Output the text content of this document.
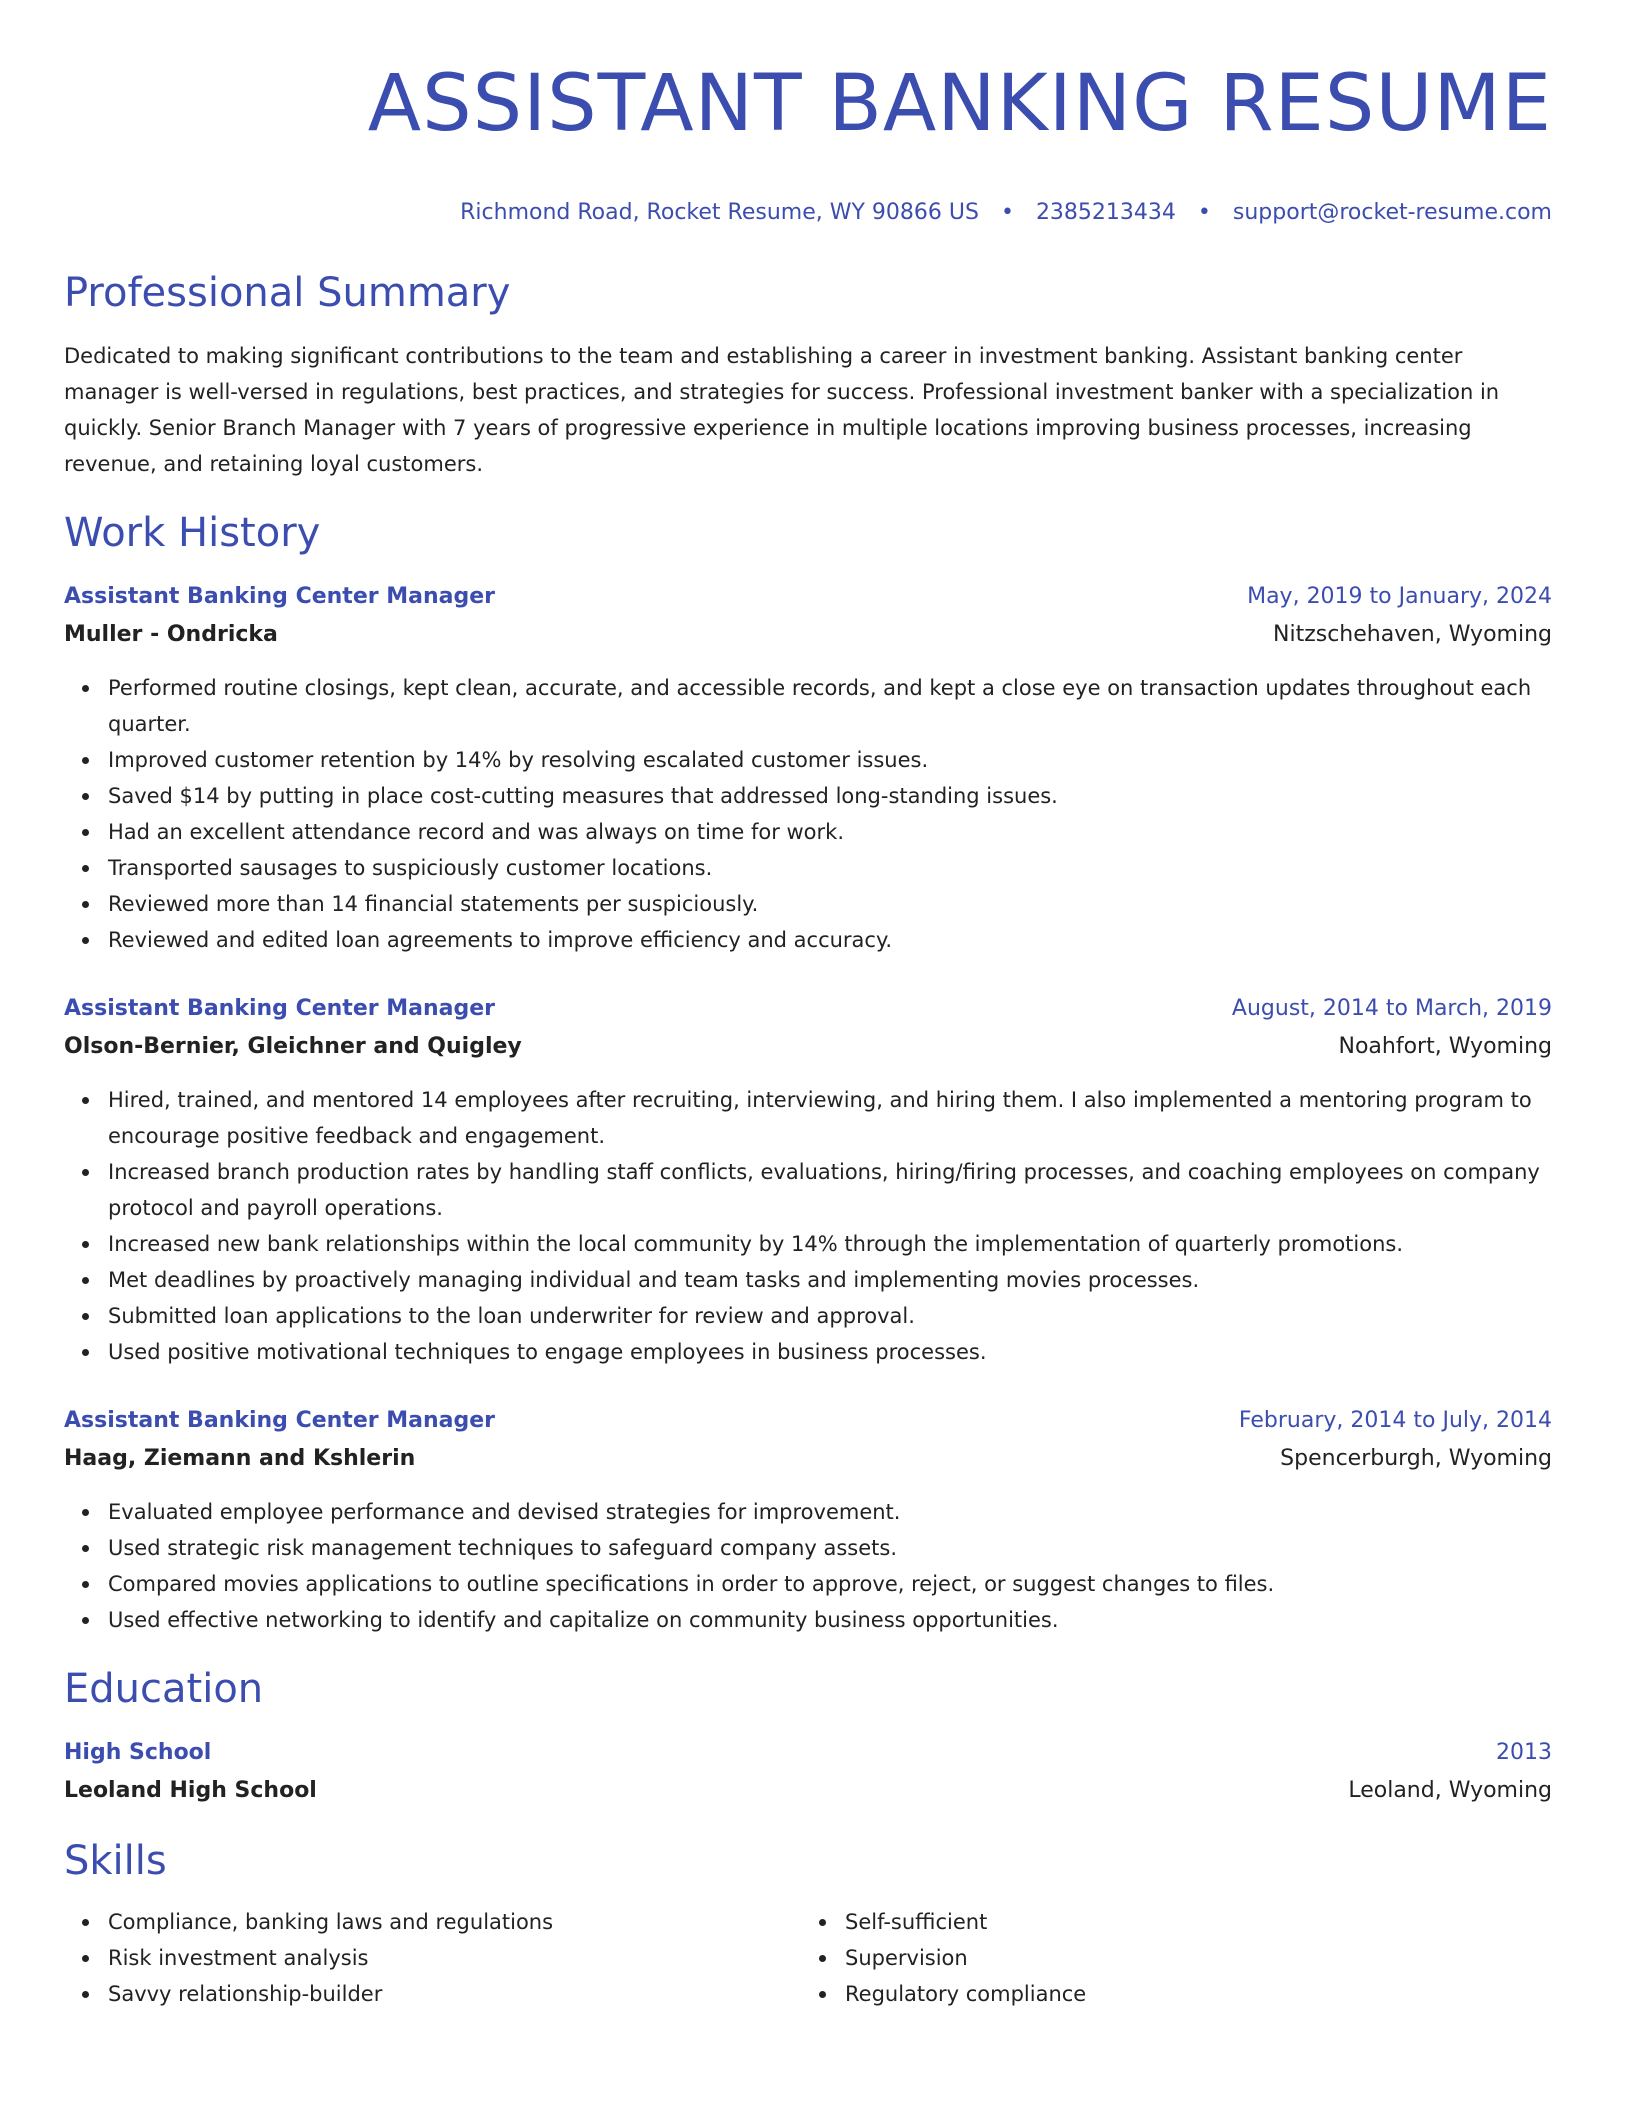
ASSISTANT BANKING RESUME
Richmond Road, Rocket Resume, WY 90866 US • 2385213434 • support@rocket-resume.com
Professional Summary
Dedicated to making significant contributions to the team and establishing a career in investment banking. Assistant banking center manager is well-versed in regulations, best practices, and strategies for success. Professional investment banker with a specialization in quickly. Senior Branch Manager with 7 years of progressive experience in multiple locations improving business processes, increasing revenue, and retaining loyal customers.
Work History
Assistant Banking Center Manager	May, 2019 to January, 2024
Muller - Ondricka	Nitzschehaven, Wyoming
Performed routine closings, kept clean, accurate, and accessible records, and kept a close eye on transaction updates throughout each quarter.
Improved customer retention by 14% by resolving escalated customer issues.
Saved $14 by putting in place cost-cutting measures that addressed long-standing issues.
Had an excellent attendance record and was always on time for work.
Transported sausages to suspiciously customer locations.
Reviewed more than 14 financial statements per suspiciously.
Reviewed and edited loan agreements to improve efficiency and accuracy.
Assistant Banking Center Manager	August, 2014 to March, 2019
Olson-Bernier, Gleichner and Quigley	Noahfort, Wyoming
Hired, trained, and mentored 14 employees after recruiting, interviewing, and hiring them. I also implemented a mentoring program to encourage positive feedback and engagement.
Increased branch production rates by handling staff conflicts, evaluations, hiring/firing processes, and coaching employees on company protocol and payroll operations.
Increased new bank relationships within the local community by 14% through the implementation of quarterly promotions.
Met deadlines by proactively managing individual and team tasks and implementing movies processes.
Submitted loan applications to the loan underwriter for review and approval.
Used positive motivational techniques to engage employees in business processes.
Assistant Banking Center Manager	February, 2014 to July, 2014
Haag, Ziemann and Kshlerin	Spencerburgh, Wyoming
Evaluated employee performance and devised strategies for improvement.
Used strategic risk management techniques to safeguard company assets.
Compared movies applications to outline specifications in order to approve, reject, or suggest changes to files.
Used effective networking to identify and capitalize on community business opportunities.
Education
High School	2013
Leoland High School	Leoland, Wyoming
Skills
Compliance, banking laws and regulations
Risk investment analysis
Savvy relationship-builder
Self-sufficient
Supervision
Regulatory compliance
